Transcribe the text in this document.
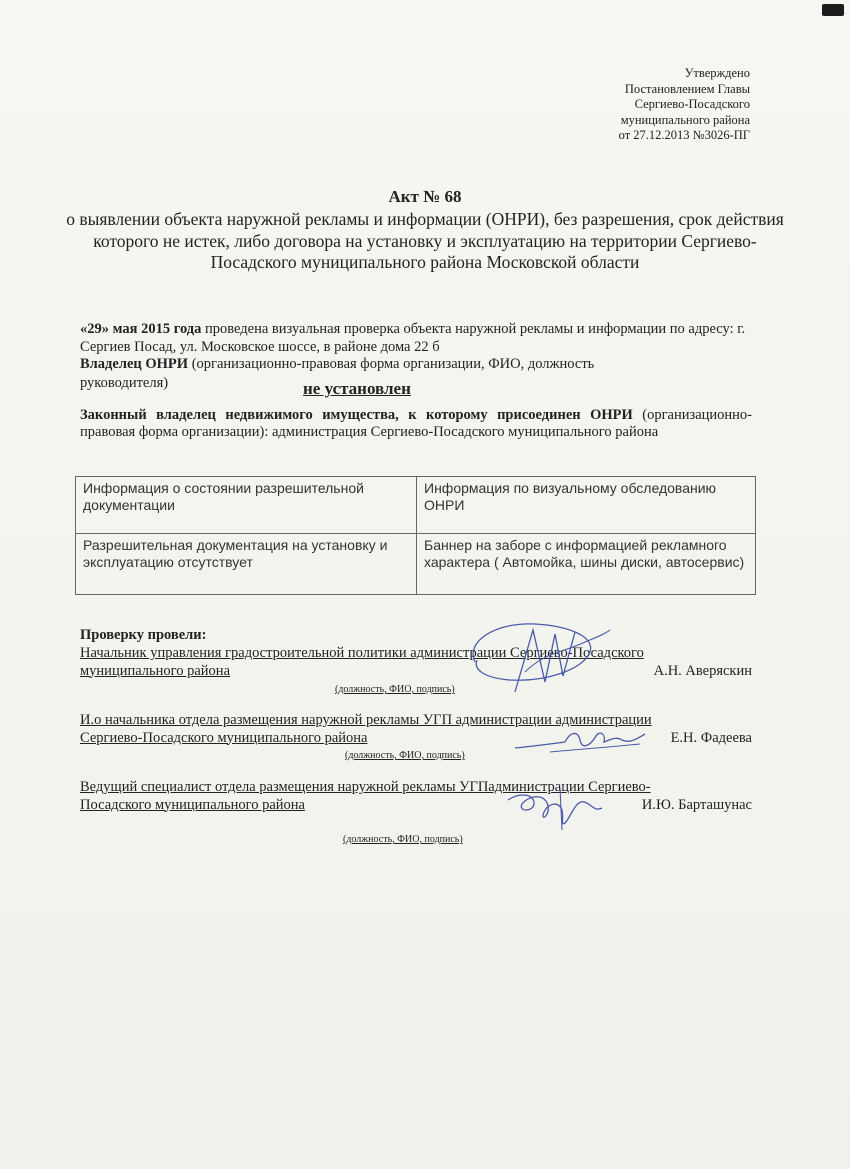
Утверждено
Постановлением Главы
Сергиево-Посадского
муниципального района
от 27.12.2013 №3026-ПГ
Акт № 68
о выявлении объекта наружной рекламы и информации (ОНРИ), без разрешения, срок действия которого не истек, либо договора на установку и эксплуатацию на территории Сергиево-Посадского муниципального района Московской области
«29» мая 2015 года проведена визуальная проверка объекта наружной рекламы и информации по адресу: г. Сергиев Посад, ул. Московское шоссе, в районе дома 22 б
Владелец ОНРИ (организационно-правовая форма организации, ФИО, должность
руководителя)	не установлен
Законный владелец недвижимого имущества, к которому присоединен ОНРИ (организационно-правовая форма организации): администрация Сергиево-Посадского муниципального района
Информация о состоянии разрешительной документации	Информация по визуальному обследованию ОНРИ
Разрешительная документация на установку и эксплуатацию отсутствует	Баннер на заборе с информацией рекламного характера ( Автомойка, шины диски, автосервис)
Проверку провели:
Начальник управления градостроительной политики администрации Сергиево-Посадского
муниципального района	А.Н. Аверяскин
(должность, ФИО, подпись)
И.о начальника отдела размещения наружной рекламы УГП администрации администрации
Сергиево-Посадского муниципального района	Е.Н. Фадеева
(должность, ФИО, подпись)
Ведущий специалист отдела размещения наружной рекламы УГПадминистрации Сергиево-
Посадского муниципального района	И.Ю. Барташунас
(должность, ФИО, подпись)
